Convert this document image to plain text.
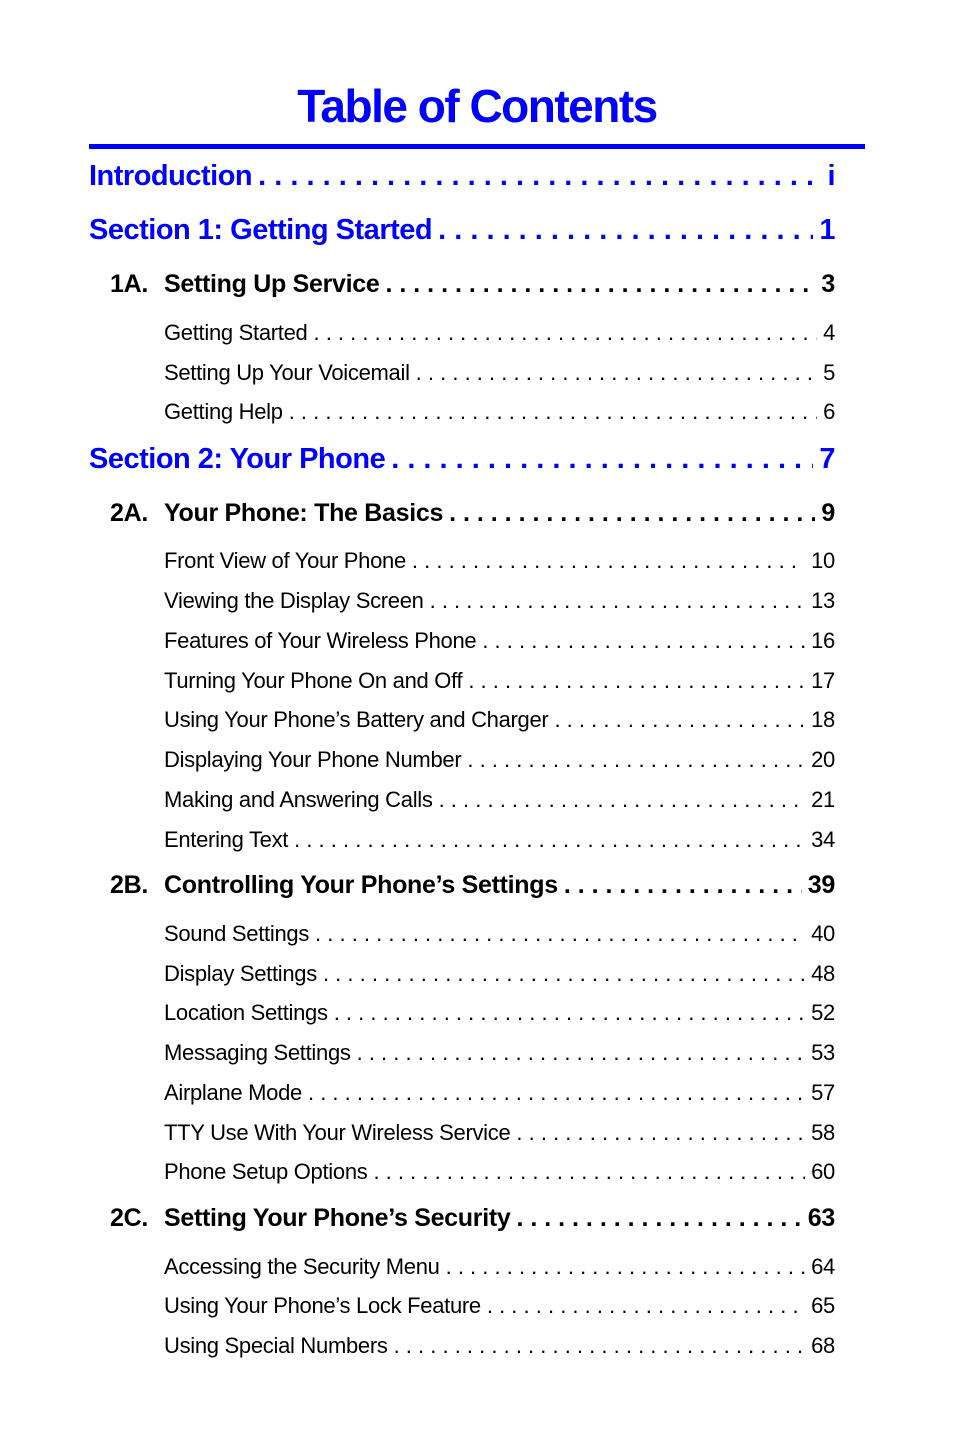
Table of Contents
Introduction . . .	i
Section 1: Getting Started . . .	1
1A. Setting Up Service . . .	3
Getting Started . . .	4
Setting Up Your Voicemail . . .	5
Getting Help . . .	6
Section 2: Your Phone . . .	7
2A. Your Phone: The Basics . . .	9
Front View of Your Phone . . .	10
Viewing the Display Screen . . .	13
Features of Your Wireless Phone . . .	16
Turning Your Phone On and Off . . .	17
Using Your Phone’s Battery and Charger . . .	18
Displaying Your Phone Number . . .	20
Making and Answering Calls . . .	21
Entering Text . . .	34
2B. Controlling Your Phone’s Settings . . .	39
Sound Settings . . .	40
Display Settings . . .	48
Location Settings . . .	52
Messaging Settings . . .	53
Airplane Mode . . .	57
TTY Use With Your Wireless Service . . .	58
Phone Setup Options . . .	60
2C. Setting Your Phone’s Security . . .	63
Accessing the Security Menu . . .	64
Using Your Phone’s Lock Feature . . .	65
Using Special Numbers . . .	68
